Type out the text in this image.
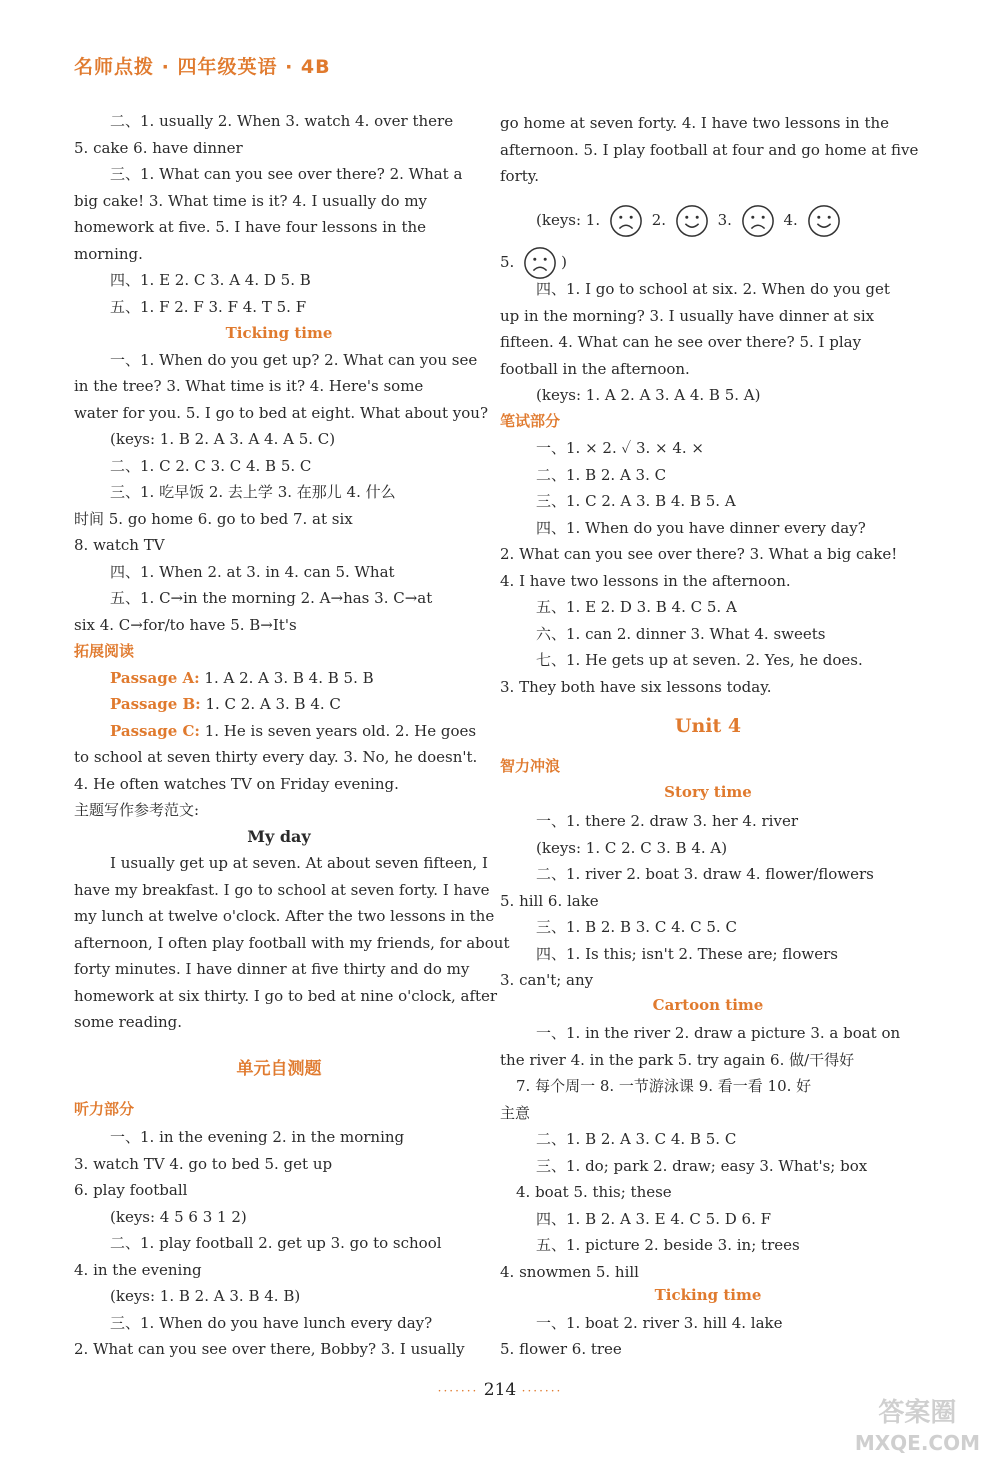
名师点拨 · 四年级英语 · 4B
二、1. usually 2. When 3. watch 4. over there
5. cake 6. have dinner
三、1. What can you see over there? 2. What a
big cake! 3. What time is it? 4. I usually do my
homework at five. 5. I have four lessons in the
morning.
四、1. E 2. C 3. A 4. D 5. B
五、1. F 2. F 3. F 4. T 5. F
Ticking time
一、1. When do you get up? 2. What can you see
in the tree? 3. What time is it? 4. Here's some
water for you. 5. I go to bed at eight. What about you?
(keys: 1. B 2. A 3. A 4. A 5. C)
二、1. C 2. C 3. C 4. B 5. C
三、1. 吃早饭 2. 去上学 3. 在那儿 4. 什么
时间 5. go home 6. go to bed 7. at six
8. watch TV
四、1. When 2. at 3. in 4. can 5. What
五、1. C→in the morning 2. A→has 3. C→at
six 4. C→for/to have 5. B→It's
拓展阅读
Passage A: 1. A 2. A 3. B 4. B 5. B
Passage B: 1. C 2. A 3. B 4. C
Passage C: 1. He is seven years old. 2. He goes
to school at seven thirty every day. 3. No, he doesn't.
4. He often watches TV on Friday evening.
主题写作参考范文:
My day
I usually get up at seven. At about seven fifteen, I
have my breakfast. I go to school at seven forty. I have
my lunch at twelve o'clock. After the two lessons in the
afternoon, I often play football with my friends, for about
forty minutes. I have dinner at five thirty and do my
homework at six thirty. I go to bed at nine o'clock, after
some reading.
单元自测题
听力部分
一、1. in the evening 2. in the morning
3. watch TV 4. go to bed 5. get up
6. play football
(keys: 4 5 6 3 1 2)
二、1. play football 2. get up 3. go to school
4. in the evening
(keys: 1. B 2. A 3. B 4. B)
三、1. When do you have lunch every day?
2. What can you see over there, Bobby? 3. I usually
go home at seven forty. 4. I have two lessons in the
afternoon. 5. I play football at four and go home at five
forty.
(keys: 1.	2.	3.	4.
5.	)
四、1. I go to school at six. 2. When do you get
up in the morning? 3. I usually have dinner at six
fifteen. 4. What can he see over there? 5. I play
football in the afternoon.
(keys: 1. A 2. A 3. A 4. B 5. A)
笔试部分
一、1. × 2. ✓ 3. × 4. ×
二、1. B 2. A 3. C
三、1. C 2. A 3. B 4. B 5. A
四、1. When do you have dinner every day?
2. What can you see over there? 3. What a big cake!
4. I have two lessons in the afternoon.
五、1. E 2. D 3. B 4. C 5. A
六、1. can 2. dinner 3. What 4. sweets
七、1. He gets up at seven. 2. Yes, he does.
3. They both have six lessons today.
Unit 4
智力冲浪
Story time
一、1. there 2. draw 3. her 4. river
(keys: 1. C 2. C 3. B 4. A)
二、1. river 2. boat 3. draw 4. flower/flowers
5. hill 6. lake
三、1. B 2. B 3. C 4. C 5. C
四、1. Is this; isn't 2. These are; flowers
3. can't; any
Cartoon time
一、1. in the river 2. draw a picture 3. a boat on
the river 4. in the park 5. try again 6. 做/干得好
7. 每个周一 8. 一节游泳课 9. 看一看 10. 好
主意
二、1. B 2. A 3. C 4. B 5. C
三、1. do; park 2. draw; easy 3. What's; box
4. boat 5. this; these
四、1. B 2. A 3. E 4. C 5. D 6. F
五、1. picture 2. beside 3. in; trees
4. snowmen 5. hill
Ticking time
一、1. boat 2. river 3. hill 4. lake
5. flower 6. tree
······· 214 ·······
答案圈
MXQE.COM
